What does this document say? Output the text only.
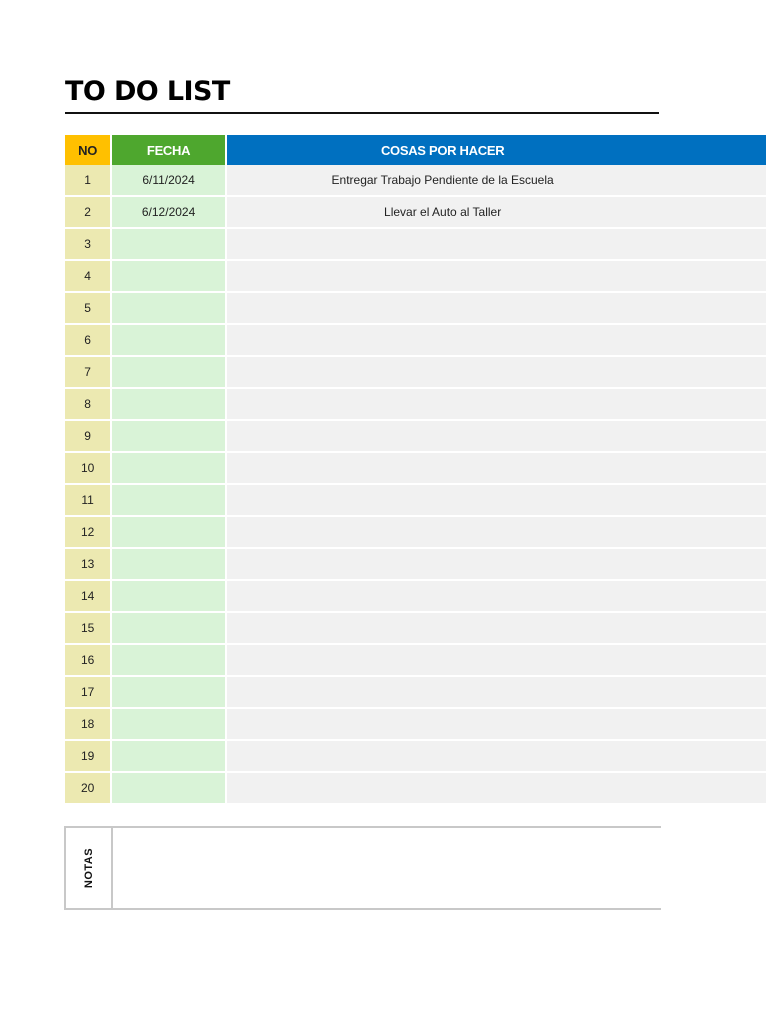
TO DO LIST
NO	FECHA	COSAS POR HACER	
1	6/11/2024	Entregar Trabajo Pendiente de la Escuela	
2	6/12/2024	Llevar el Auto al Taller	
3			
4			
5			
6			
7			
8			
9			
10			
11			
12			
13			
14			
15			
16			
17			
18			
19			
20			
NOTAS
